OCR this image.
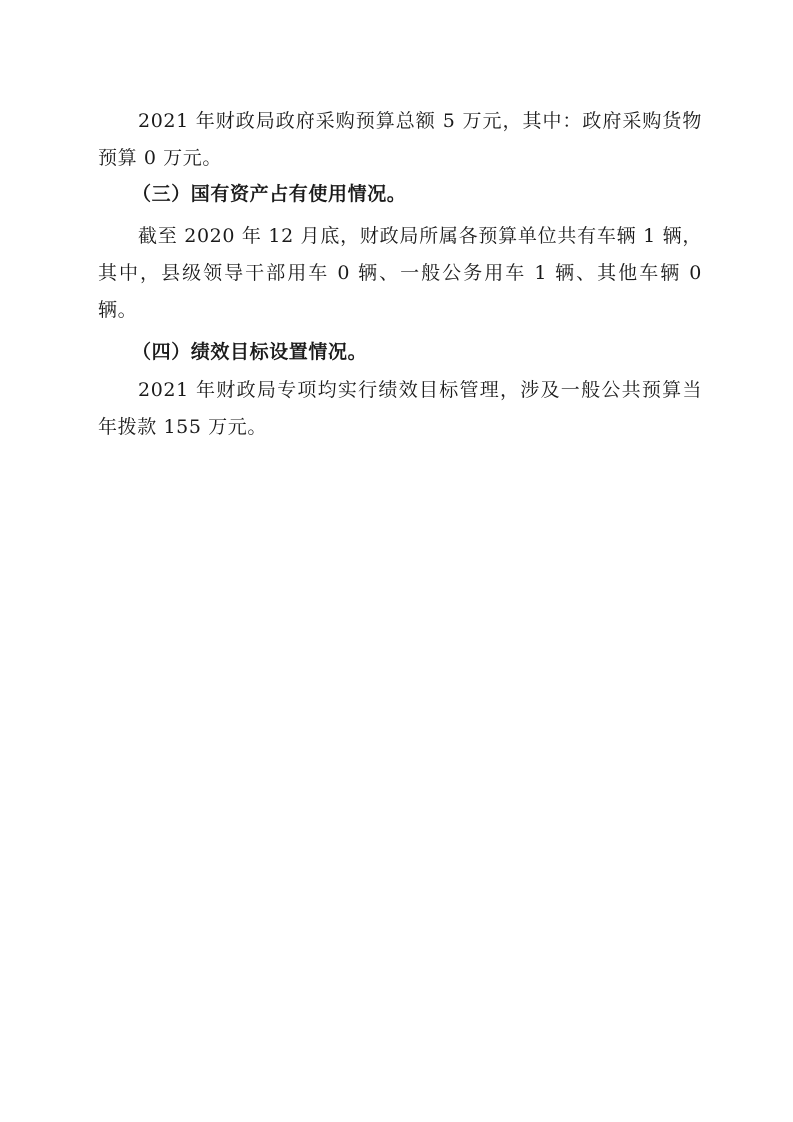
2021 年财政局政府采购预算总额 5 万元，其中：政府采购货物预算 0 万元。

（三）国有资产占有使用情况。

截至 2020 年 12 月底，财政局所属各预算单位共有车辆 1 辆，其中，县级领导干部用车 0 辆、一般公务用车 1 辆、其他车辆 0 辆。

（四）绩效目标设置情况。

2021 年财政局专项均实行绩效目标管理，涉及一般公共预算当年拨款 155 万元。
